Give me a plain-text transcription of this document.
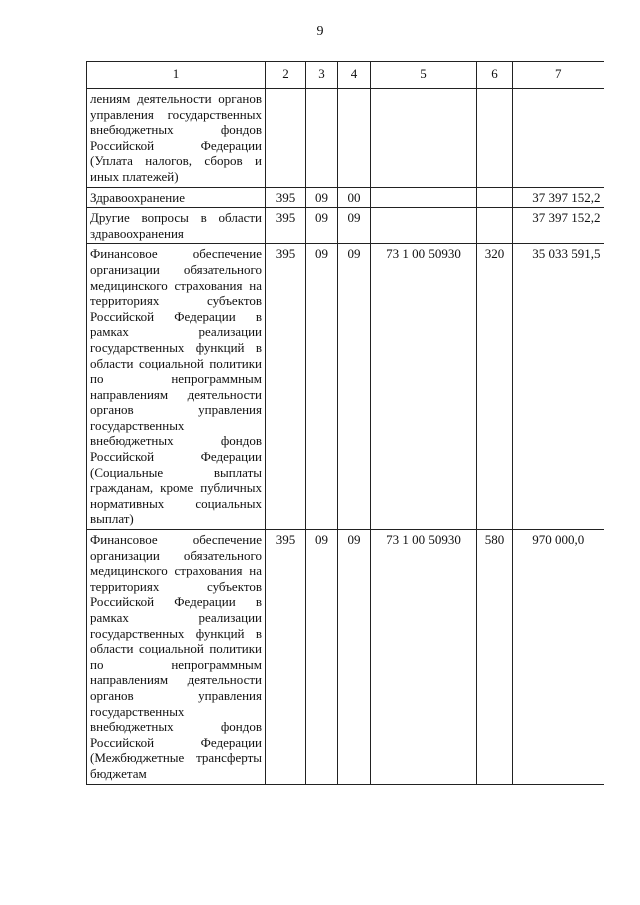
9
1	2	3	4	5	6	7
лениям деятельности органов управления государственных внебюджетных фондов Российской Федерации (Уплата налогов, сборов и иных платежей)						
Здравоохранение	395	09	00			37 397 152,2
Другие вопросы в области здравоохранения	395	09	09			37 397 152,2
Финансовое обеспечение организации обязательного медицинского страхования на территориях субъектов Российской Федерации в рамках реализации государственных функций в области социальной политики по непрограммным направлениям деятельности органов управления государственных внебюджетных фондов Российской Федерации (Социальные выплаты гражданам, кроме публичных нормативных социальных выплат)	395	09	09	73 1 00 50930	320	35 033 591,5
Финансовое обеспечение организации обязательного медицинского страхования на территориях субъектов Российской Федерации в рамках реализации государственных функций в области социальной политики по непрограммным направлениям деятельности органов управления государственных внебюджетных фондов Российской Федерации (Межбюджетные трансферты бюджетам	395	09	09	73 1 00 50930	580	970 000,0
